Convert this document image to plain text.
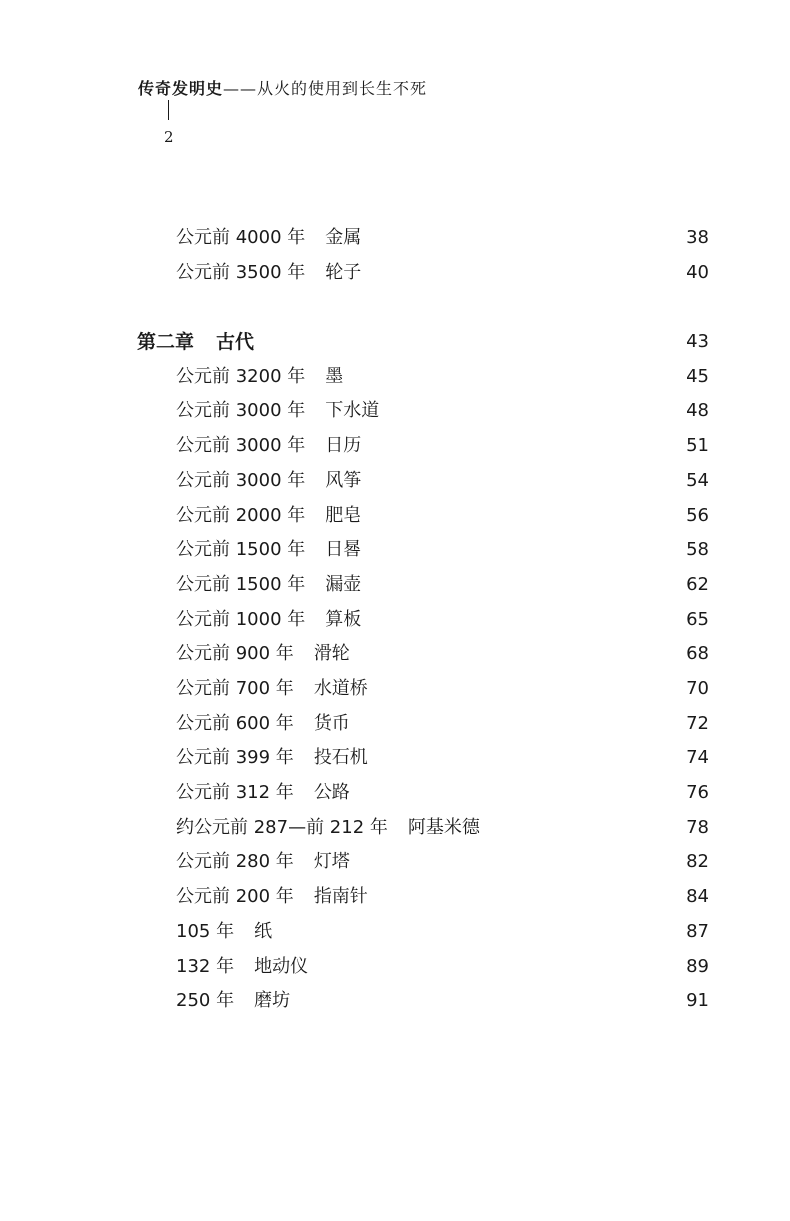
传奇发明史——从火的使用到长生不死
2
公元前 4000 年 金属	38
公元前 3500 年 轮子	40
第二章 古代	43
公元前 3200 年 墨	45
公元前 3000 年 下水道	48
公元前 3000 年 日历	51
公元前 3000 年 风筝	54
公元前 2000 年 肥皂	56
公元前 1500 年 日晷	58
公元前 1500 年 漏壶	62
公元前 1000 年 算板	65
公元前 900 年 滑轮	68
公元前 700 年 水道桥	70
公元前 600 年 货币	72
公元前 399 年 投石机	74
公元前 312 年 公路	76
约公元前 287—前 212 年 阿基米德	78
公元前 280 年 灯塔	82
公元前 200 年 指南针	84
105 年 纸	87
132 年 地动仪	89
250 年 磨坊	91
